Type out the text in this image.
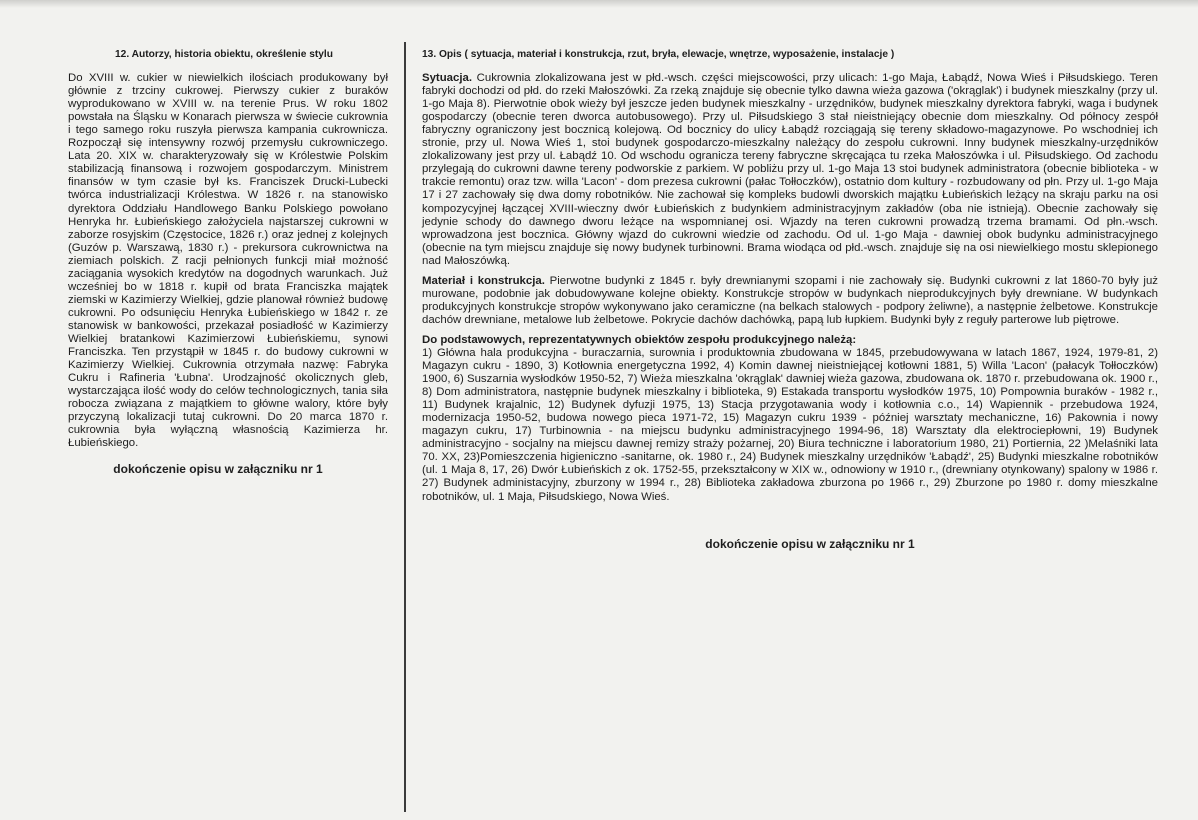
12. Autorzy, historia obiektu, określenie stylu

Do XVIII w. cukier w niewielkich ilościach produkowany był głównie z trzciny cukrowej. Pierwszy cukier z buraków wyprodukowano w XVIII w. na terenie Prus. W roku 1802 powstała na Śląsku w Konarach pierwsza w świecie cukrownia i tego samego roku ruszyła pierwsza kampania cukrownicza. Rozpoczął się intensywny rozwój przemysłu cukrowniczego. Lata 20. XIX w. charakteryzowały się w Królestwie Polskim stabilizacją finansową i rozwojem gospodarczym. Ministrem finansów w tym czasie był ks. Franciszek Drucki-Lubecki twórca industrializacji Królestwa. W 1826 r. na stanowisko dyrektora Oddziału Handlowego Banku Polskiego powołano Henryka hr. Łubieńskiego założyciela najstarszej cukrowni w zaborze rosyjskim (Częstocice, 1826 r.) oraz jednej z kolejnych (Guzów p. Warszawą, 1830 r.) - prekursora cukrownictwa na ziemiach polskich. Z racji pełnionych funkcji miał możność zaciągania wysokich kredytów na dogodnych warunkach. Już wcześniej bo w 1818 r. kupił od brata Franciszka majątek ziemski w Kazimierzy Wielkiej, gdzie planował również budowę cukrowni. Po odsunięciu Henryka Łubieńskiego w 1842 r. ze stanowisk w bankowości, przekazał posiadłość w Kazimierzy Wielkiej bratankowi Kazimierzowi Łubieńskiemu, synowi Franciszka. Ten przystąpił w 1845 r. do budowy cukrowni w Kazimierzy Wielkiej. Cukrownia otrzymała nazwę: Fabryka Cukru i Rafineria 'Łubna'. Urodzajność okolicznych gleb, wystarczająca ilość wody do celów technologicznych, tania siła robocza związana z majątkiem to główne walory, które były przyczyną lokalizacji tutaj cukrowni. Do 20 marca 1870 r. cukrownia była wyłączną własnością Kazimierza hr. Łubieńskiego.

dokończenie opisu w załączniku nr 1
13. Opis ( sytuacja, materiał i konstrukcja, rzut, bryła, elewacje, wnętrze, wyposażenie, instalacje )

Sytuacja. Cukrownia zlokalizowana jest w płd.-wsch. części miejscowości, przy ulicach: 1-go Maja, Łabądź, Nowa Wieś i Piłsudskiego. Teren fabryki dochodzi od płd. do rzeki Małoszówki. Za rzeką znajduje się obecnie tylko dawna wieża gazowa ('okrąglak') i budynek mieszkalny (przy ul. 1-go Maja 8). Pierwotnie obok wieży był jeszcze jeden budynek mieszkalny - urzędników, budynek mieszkalny dyrektora fabryki, waga i budynek gospodarczy (obecnie teren dworca autobusowego). Przy ul. Piłsudskiego 3 stał nieistniejący obecnie dom mieszkalny. Od północy zespół fabryczny ograniczony jest bocznicą kolejową. Od bocznicy do ulicy Łabądź rozciągają się tereny składowo-magazynowe. Po wschodniej ich stronie, przy ul. Nowa Wieś 1, stoi budynek gospodarczo-mieszkalny należący do zespołu cukrowni. Inny budynek mieszkalny-urzędników zlokalizowany jest przy ul. Łabądź 10. Od wschodu ogranicza tereny fabryczne skręcająca tu rzeka Małoszówka i ul. Piłsudskiego. Od zachodu przylegają do cukrowni dawne tereny podworskie z parkiem. W pobliżu przy ul. 1-go Maja 13 stoi budynek administratora (obecnie biblioteka - w trakcie remontu) oraz tzw. willa 'Lacon' - dom prezesa cukrowni (pałac Tołłoczków), ostatnio dom kultury - rozbudowany od płn. Przy ul. 1-go Maja 17 i 27 zachowały się dwa domy robotników. Nie zachował się kompleks budowli dworskich majątku Łubieńskich leżący na skraju parku na osi kompozycyjnej łączącej XVIII-wieczny dwór Łubieńskich z budynkiem administracyjnym zakładów (oba nie istnieją). Obecnie zachowały się jedynie schody do dawnego dworu leżące na wspomnianej osi. Wjazdy na teren cukrowni prowadzą trzema bramami. Od płn.-wsch. wprowadzona jest bocznica. Główny wjazd do cukrowni wiedzie od zachodu. Od ul. 1-go Maja - dawniej obok budynku administracyjnego (obecnie na tym miejscu znajduje się nowy budynek turbinowni. Brama wiodąca od płd.-wsch. znajduje się na osi niewielkiego mostu sklepionego nad Małoszówką.

Materiał i konstrukcja. Pierwotne budynki z 1845 r. były drewnianymi szopami i nie zachowały się. Budynki cukrowni z lat 1860-70 były już murowane, podobnie jak dobudowywane kolejne obiekty. Konstrukcje stropów w budynkach nieprodukcyjnych były drewniane. W budynkach produkcyjnych konstrukcje stropów wykonywano jako ceramiczne (na belkach stalowych - podpory żeliwne), a następnie żelbetowe. Konstrukcje dachów drewniane, metalowe lub żelbetowe. Pokrycie dachów dachówką, papą lub łupkiem. Budynki były z reguły parterowe lub piętrowe.

Do podstawowych, reprezentatywnych obiektów zespołu produkcyjnego należą:

1) Główna hala produkcyjna - buraczarnia, surownia i produktownia zbudowana w 1845, przebudowywana w latach 1867, 1924, 1979-81, 2) Magazyn cukru - 1890, 3) Kotłownia energetyczna 1992, 4) Komin dawnej nieistniejącej kotłowni 1881, 5) Willa 'Lacon' (pałacyk Tołłoczków) 1900, 6) Suszarnia wysłodków 1950-52, 7) Wieża mieszkalna 'okrąglak' dawniej wieża gazowa, zbudowana ok. 1870 r. przebudowana ok. 1900 r., 8) Dom administratora, następnie budynek mieszkalny i biblioteka, 9) Estakada transportu wysłodków 1975, 10) Pompownia buraków - 1982 r., 11) Budynek krajalnic, 12) Budynek dyfuzji 1975, 13) Stacja przygotawania wody i kotłownia c.o., 14) Wapiennik - przebudowa 1924, modernizacja 1950-52, budowa nowego pieca 1971-72, 15) Magazyn cukru 1939 - później warsztaty mechaniczne, 16) Pakownia i nowy magazyn cukru, 17) Turbinownia - na miejscu budynku administracyjnego 1994-96, 18) Warsztaty dla elektrociepłowni, 19) Budynek administracyjno - socjalny na miejscu dawnej remizy straży pożarnej, 20) Biura techniczne i laboratorium 1980, 21) Portiernia, 22 )Melaśniki lata 70. XX, 23)Pomieszczenia higieniczno -sanitarne, ok. 1980 r., 24) Budynek mieszkalny urzędników 'Łabądź', 25) Budynki mieszkalne robotników (ul. 1 Maja 8, 17, 26) Dwór Łubieńskich z ok. 1752-55, przekształcony w XIX w., odnowiony w 1910 r., (drewniany otynkowany) spalony w 1986 r. 27) Budynek administacyjny, zburzony w 1994 r., 28) Biblioteka zakładowa zburzona po 1966 r., 29) Zburzone po 1980 r. domy mieszkalne robotników, ul. 1 Maja, Piłsudskiego, Nowa Wieś.

dokończenie opisu w załączniku nr 1
